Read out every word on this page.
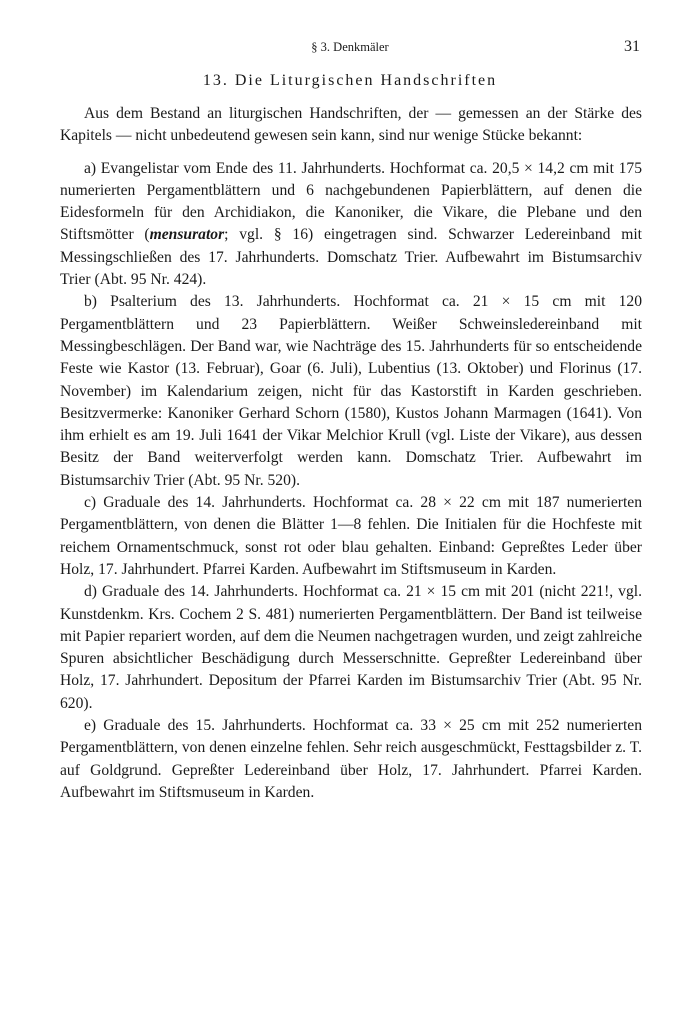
§ 3. Denkmäler	31
13. Die Liturgischen Handschriften

Aus dem Bestand an liturgischen Handschriften, der — gemessen an der Stärke des Kapitels — nicht unbedeutend gewesen sein kann, sind nur wenige Stücke bekannt:

a) Evangelistar vom Ende des 11. Jahrhunderts. Hochformat ca. 20,5 × 14,2 cm mit 175 numerierten Pergamentblättern und 6 nachgebundenen Papierblättern, auf denen die Eidesformeln für den Archidiakon, die Kanoniker, die Vikare, die Plebane und den Stiftsmötter (mensurator; vgl. § 16) eingetragen sind. Schwarzer Ledereinband mit Messingschließen des 17. Jahrhunderts. Domschatz Trier. Aufbewahrt im Bistumsarchiv Trier (Abt. 95 Nr. 424).

b) Psalterium des 13. Jahrhunderts. Hochformat ca. 21 × 15 cm mit 120 Pergamentblättern und 23 Papierblättern. Weißer Schweinsledereinband mit Messingbeschlägen. Der Band war, wie Nachträge des 15. Jahrhunderts für so entscheidende Feste wie Kastor (13. Februar), Goar (6. Juli), Lubentius (13. Oktober) und Florinus (17. November) im Kalendarium zeigen, nicht für das Kastorstift in Karden geschrieben. Besitzvermerke: Kanoniker Gerhard Schorn (1580), Kustos Johann Marmagen (1641). Von ihm erhielt es am 19. Juli 1641 der Vikar Melchior Krull (vgl. Liste der Vikare), aus dessen Besitz der Band weiterverfolgt werden kann. Domschatz Trier. Aufbewahrt im Bistumsarchiv Trier (Abt. 95 Nr. 520).

c) Graduale des 14. Jahrhunderts. Hochformat ca. 28 × 22 cm mit 187 numerierten Pergamentblättern, von denen die Blätter 1—8 fehlen. Die Initialen für die Hochfeste mit reichem Ornamentschmuck, sonst rot oder blau gehalten. Einband: Gepreßtes Leder über Holz, 17. Jahrhundert. Pfarrei Karden. Aufbewahrt im Stiftsmuseum in Karden.

d) Graduale des 14. Jahrhunderts. Hochformat ca. 21 × 15 cm mit 201 (nicht 221!, vgl. Kunstdenkm. Krs. Cochem 2 S. 481) numerierten Pergamentblättern. Der Band ist teilweise mit Papier repariert worden, auf dem die Neumen nachgetragen wurden, und zeigt zahlreiche Spuren absichtlicher Beschädigung durch Messerschnitte. Gepreßter Ledereinband über Holz, 17. Jahrhundert. Depositum der Pfarrei Karden im Bistumsarchiv Trier (Abt. 95 Nr. 620).

e) Graduale des 15. Jahrhunderts. Hochformat ca. 33 × 25 cm mit 252 numerierten Pergamentblättern, von denen einzelne fehlen. Sehr reich ausgeschmückt, Festtagsbilder z. T. auf Goldgrund. Gepreßter Ledereinband über Holz, 17. Jahrhundert. Pfarrei Karden. Aufbewahrt im Stiftsmuseum in Karden.
